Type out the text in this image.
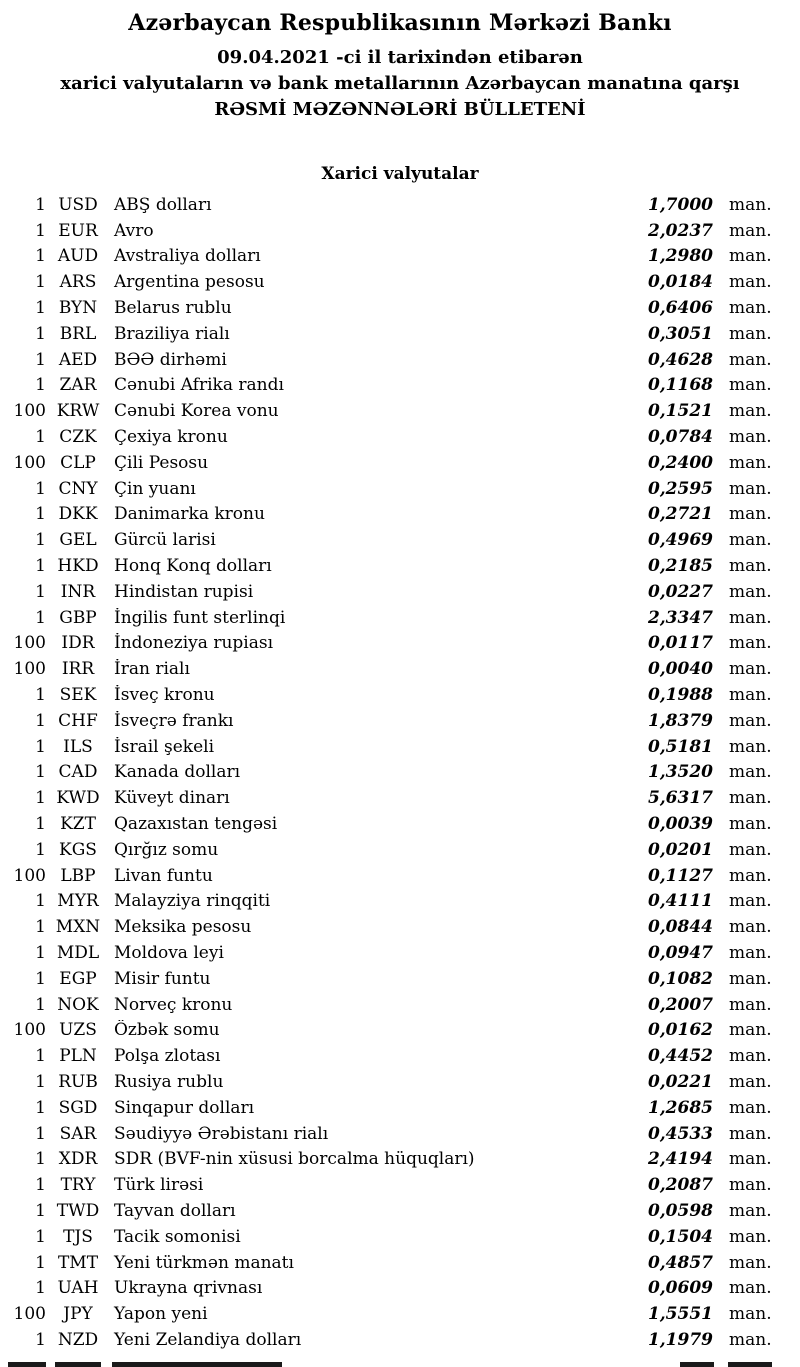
Azərbaycan Respublikasının Mərkəzi Bankı
09.04.2021 -ci il tarixindən etibarən
xarici valyutaların və bank metallarının Azərbaycan manatına qarşı
RƏSMİ MƏZƏNNƏLƏRİ BÜLLETENİ
Xarici valyutalar
1 USD ABŞ dolları	1,7000 man.
1 EUR Avro	2,0237 man.
1 AUD Avstraliya dolları	1,2980 man.
1 ARS	Argentina pesosu	0,0184 man.
1 BYN Belarus rublu	0,6406 man.
1 BRL	Braziliya rialı	0,3051 man.
1 AED BƏƏ dirhəmi	0,4628 man.
1 ZAR	Cənubi Afrika randı	0,1168 man.
100 KRW Cənubi Korea vonu	0,1521 man.
1 CZK	Çexiya kronu	0,0784 man.
100 CLP	Çili Pesosu	0,2400 man.
1 CNY Çin yuanı	0,2595 man.
1 DKK Danimarka kronu	0,2721 man.
1 GEL	Gürcü larisi	0,4969 man.
1 HKD Honq Konq dolları	0,2185 man.
1 INR	Hindistan rupisi	0,0227 man.
1 GBP	İngilis funt sterlinqi	2,3347 man.
100 IDR	İndoneziya rupiası	0,0117 man.
100 IRR	İran rialı	0,0040 man.
1 SEK	İsveç kronu	0,1988 man.
1 CHF İsveçrə frankı	1,8379 man.
1	ILS	İsrail şekeli	0,5181 man.
1 CAD Kanada dolları	1,3520 man.
1 KWD Küveyt dinarı	5,6317 man.
1 KZT	Qazaxıstan tengəsi	0,0039 man.
1 KGS	Qırğız somu	0,0201 man.
100 LBP	Livan funtu	0,1127 man.
1 MYR Malayziya rinqqiti	0,4111 man.
1 MXN Meksika pesosu	0,0844 man.
1 MDL Moldova leyi	0,0947 man.
1 EGP	Misir funtu	0,1082 man.
1 NOK Norveç kronu	0,2007 man.
100 UZS	Özbək somu	0,0162 man.
1 PLN	Polşa zlotası	0,4452 man.
1 RUB Rusiya rublu	0,0221 man.
1 SGD Sinqapur dolları	1,2685 man.
1 SAR	Səudiyyə Ərəbistanı rialı	0,4533 man.
1 XDR SDR (BVF-nin xüsusi borcalma hüquqları)	2,4194 man.
1 TRY	Türk lirəsi	0,2087 man.
1 TWD Tayvan dolları	0,0598 man.
1	TJS	Tacik somonisi	0,1504 man.
1 TMT Yeni türkmən manatı	0,4857 man.
1 UAH Ukrayna qrivnası	0,0609 man.
100	JPY	Yapon yeni	1,5551 man.
1 NZD Yeni Zelandiya dolları	1,1979 man.
